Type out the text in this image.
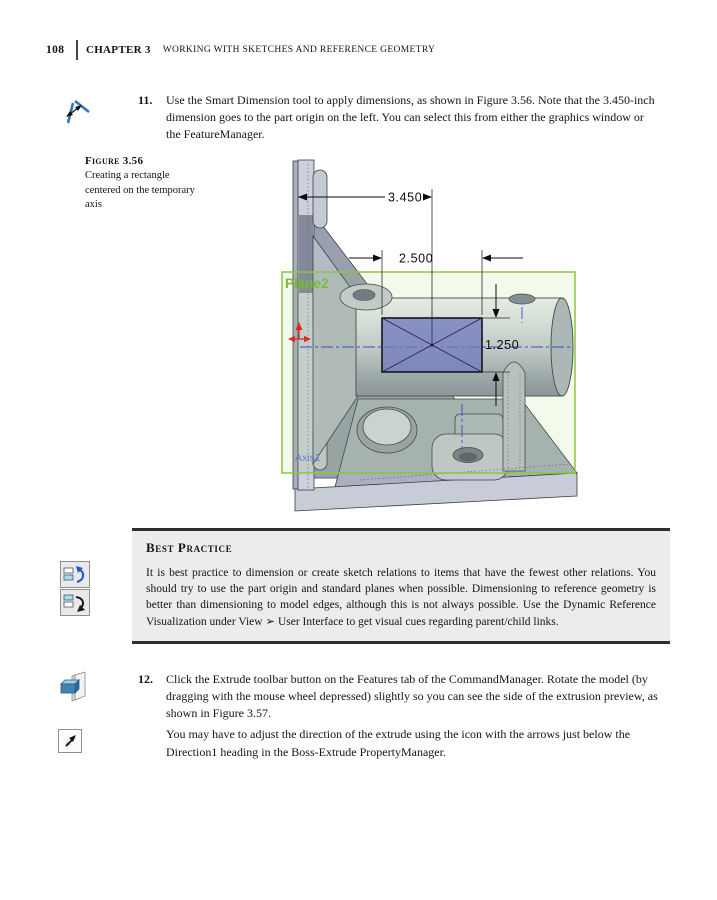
108 CHAPTER 3 WORKING WITH SKETCHES AND REFERENCE GEOMETRY
11.	Use the Smart Dimension tool to apply dimensions, as shown in Figure 3.56. Note that the 3.450-inch dimension goes to the part origin on the left. You can select this from either the graphics window or the FeatureManager.
Figure 3.56
Creating a rectangle centered on the temporary axis	3.450
2.500
1.250
Plane2
Axis1
Best Practice
It is best practice to dimension or create sketch relations to items that have the fewest other relations. You should try to use the part origin and standard planes when possible. Dimensioning to reference geometry is better than dimensioning to model edges, although this is not always possible. Use the Dynamic Reference Visualization under View ➢ User Interface to get visual cues regarding parent/child links.
12.	Click the Extrude toolbar button on the Features tab of the CommandManager. Rotate the model (by dragging with the mouse wheel depressed) slightly so you can see the side of the extrusion preview, as shown in Figure 3.57.
You may have to adjust the direction of the extrude using the icon with the arrows just below the Direction1 heading in the Boss-Extrude PropertyManager.
